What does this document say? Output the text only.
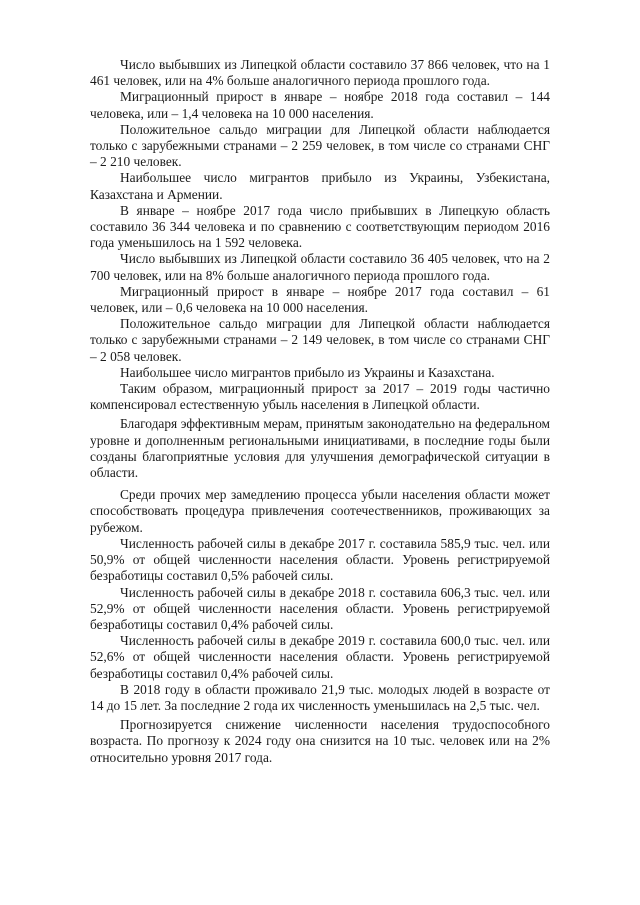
Число выбывших из Липецкой области составило 37 866 человек, что на 1 461 человек, или на 4% больше аналогичного периода прошлого года.

Миграционный прирост в январе – ноябре 2018 года составил – 144 человека, или – 1,4 человека на 10 000 населения.

Положительное сальдо миграции для Липецкой области наблюдается только с зарубежными странами – 2 259 человек, в том числе со странами СНГ – 2 210 человек.

Наибольшее число мигрантов прибыло из Украины, Узбекистана, Казахстана и Армении.

В январе – ноябре 2017 года число прибывших в Липецкую область составило 36 344 человека и по сравнению с соответствующим периодом 2016 года уменьшилось на 1 592 человека.

Число выбывших из Липецкой области составило 36 405 человек, что на 2 700 человек, или на 8% больше аналогичного периода прошлого года.

Миграционный прирост в январе – ноябре 2017 года составил – 61 человек, или – 0,6 человека на 10 000 населения.

Положительное сальдо миграции для Липецкой области наблюдается только с зарубежными странами – 2 149 человек, в том числе со странами СНГ – 2 058 человек.

Наибольшее число мигрантов прибыло из Украины и Казахстана.

Таким образом, миграционный прирост за 2017 – 2019 годы частично компенсировал естественную убыль населения в Липецкой области.

Благодаря эффективным мерам, принятым законодательно на федеральном уровне и дополненным региональными инициативами, в последние годы были созданы благоприятные условия для улучшения демографической ситуации в области.

Среди прочих мер замедлению процесса убыли населения области может способствовать процедура привлечения соотечественников, проживающих за рубежом.

Численность рабочей силы в декабре 2017 г. составила 585,9 тыс. чел. или 50,9% от общей численности населения области. Уровень регистрируемой безработицы составил 0,5% рабочей силы.

Численность рабочей силы в декабре 2018 г. составила 606,3 тыс. чел. или 52,9% от общей численности населения области. Уровень регистрируемой безработицы составил 0,4% рабочей силы.

Численность рабочей силы в декабре 2019 г. составила 600,0 тыс. чел. или 52,6% от общей численности населения области. Уровень регистрируемой безработицы составил 0,4% рабочей силы.

В 2018 году в области проживало 21,9 тыс. молодых людей в возрасте от 14 до 15 лет. За последние 2 года их численность уменьшилась на 2,5 тыс. чел.

Прогнозируется снижение численности населения трудоспособного возраста. По прогнозу к 2024 году она снизится на 10 тыс. человек или на 2% относительно уровня 2017 года.
